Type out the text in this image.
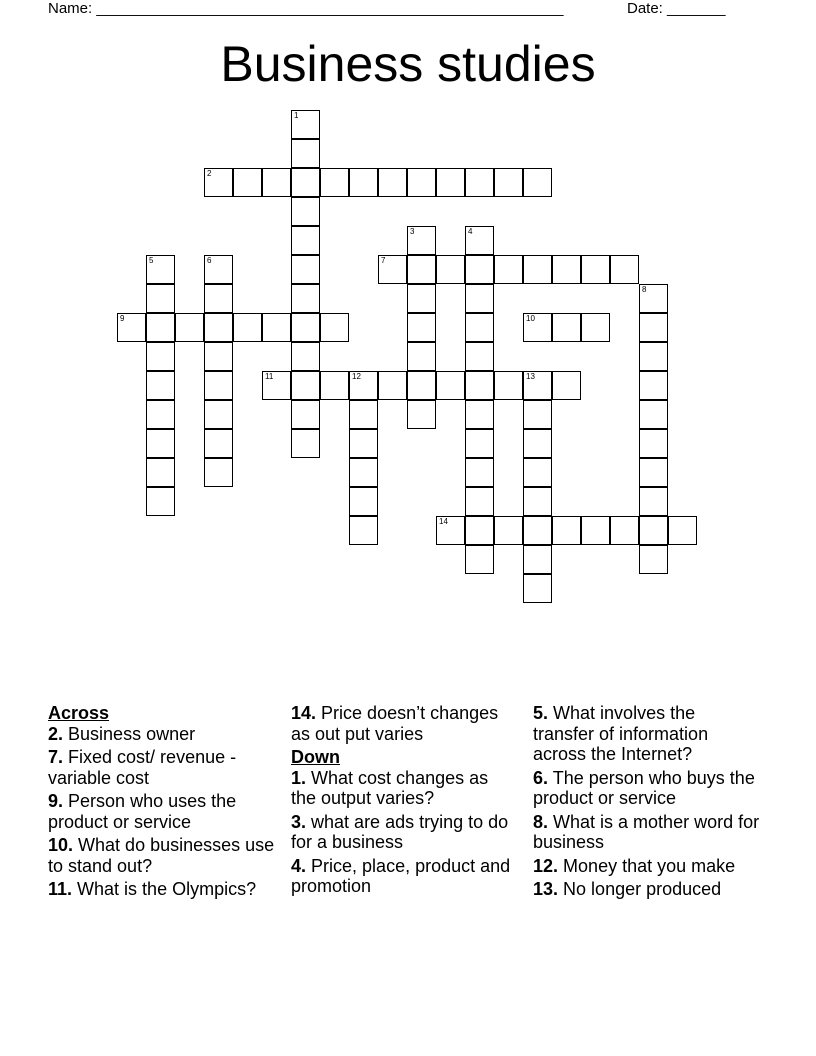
Name: ________________________________________________________	Date: _______
Business studies
1
2
3	4
5	6	7
8
9	10
11	12	13
14

Across

2. Business owner

7. Fixed cost/ revenue - variable cost

9. Person who uses the product or service

10. What do businesses use to stand out?

11. What is the Olympics?

14. Price doesn’t changes as out put varies

Down

1. What cost changes as the output varies?

3. what are ads trying to do for a business

4. Price, place, product and promotion

5. What involves the transfer of information across the Internet?

6. The person who buys the product or service

8. What is a mother word for business

12. Money that you make

13. No longer produced
